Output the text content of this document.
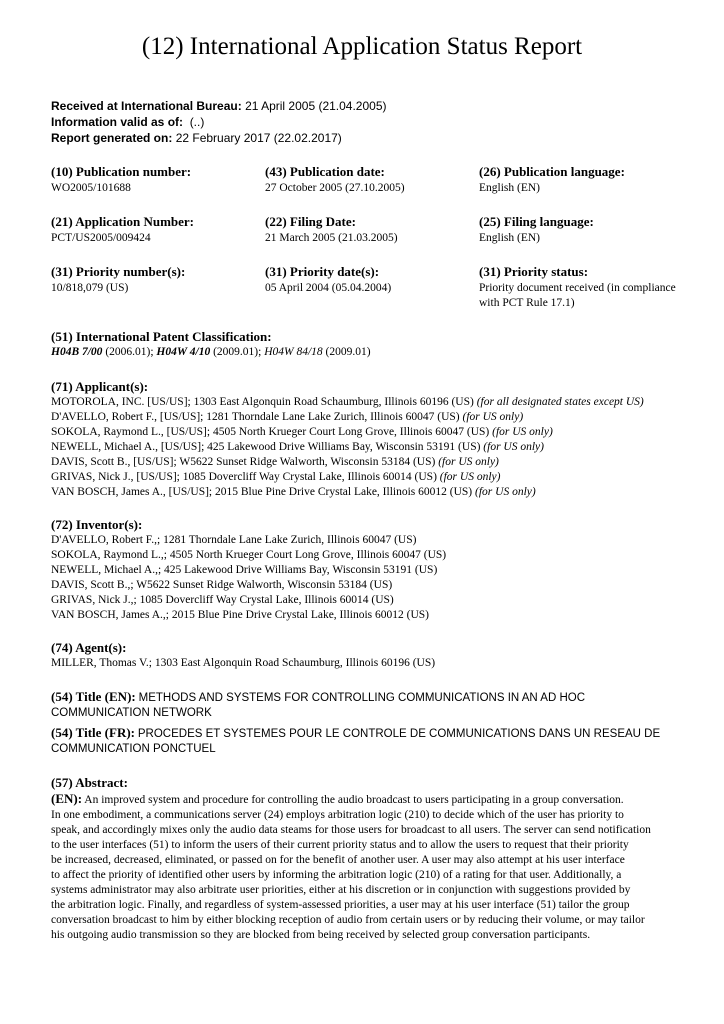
(12) International Application Status Report
Received at International Bureau: 21 April 2005 (21.04.2005)
Information valid as of: (..)
Report generated on: 22 February 2017 (22.02.2017)
(10) Publication number:
WO2005/101688
(43) Publication date:
27 October 2005 (27.10.2005)
(26) Publication language:
English (EN)
(21) Application Number:
PCT/US2005/009424
(22) Filing Date:
21 March 2005 (21.03.2005)
(25) Filing language:
English (EN)
(31) Priority number(s):
10/818,079 (US)
(31) Priority date(s):
05 April 2004 (05.04.2004)
(31) Priority status:
Priority document received (in compliance
with PCT Rule 17.1)
(51) International Patent Classification:
H04B 7/00 (2006.01); H04W 4/10 (2009.01); H04W 84/18 (2009.01)
(71) Applicant(s):
MOTOROLA, INC. [US/US]; 1303 East Algonquin Road Schaumburg, Illinois 60196 (US) (for all designated states except US)
D'AVELLO, Robert F., [US/US]; 1281 Thorndale Lane Lake Zurich, Illinois 60047 (US) (for US only)
SOKOLA, Raymond L., [US/US]; 4505 North Krueger Court Long Grove, Illinois 60047 (US) (for US only)
NEWELL, Michael A., [US/US]; 425 Lakewood Drive Williams Bay, Wisconsin 53191 (US) (for US only)
DAVIS, Scott B., [US/US]; W5622 Sunset Ridge Walworth, Wisconsin 53184 (US) (for US only)
GRIVAS, Nick J., [US/US]; 1085 Dovercliff Way Crystal Lake, Illinois 60014 (US) (for US only)
VAN BOSCH, James A., [US/US]; 2015 Blue Pine Drive Crystal Lake, Illinois 60012 (US) (for US only)
(72) Inventor(s):
D'AVELLO, Robert F.,; 1281 Thorndale Lane Lake Zurich, Illinois 60047 (US)
SOKOLA, Raymond L.,; 4505 North Krueger Court Long Grove, Illinois 60047 (US)
NEWELL, Michael A.,; 425 Lakewood Drive Williams Bay, Wisconsin 53191 (US)
DAVIS, Scott B.,; W5622 Sunset Ridge Walworth, Wisconsin 53184 (US)
GRIVAS, Nick J.,; 1085 Dovercliff Way Crystal Lake, Illinois 60014 (US)
VAN BOSCH, James A.,; 2015 Blue Pine Drive Crystal Lake, Illinois 60012 (US)
(74) Agent(s):
MILLER, Thomas V.; 1303 East Algonquin Road Schaumburg, Illinois 60196 (US)
(54) Title (EN): METHODS AND SYSTEMS FOR CONTROLLING COMMUNICATIONS IN AN AD HOC
COMMUNICATION NETWORK
(54) Title (FR): PROCEDES ET SYSTEMES POUR LE CONTROLE DE COMMUNICATIONS DANS UN RESEAU DE
COMMUNICATION PONCTUEL
(57) Abstract:
(EN): An improved system and procedure for controlling the audio broadcast to users participating in a group conversation.
In one embodiment, a communications server (24) employs arbitration logic (210) to decide which of the user has priority to
speak, and accordingly mixes only the audio data steams for those users for broadcast to all users. The server can send notification
to the user interfaces (51) to inform the users of their current priority status and to allow the users to request that their priority
be increased, decreased, eliminated, or passed on for the benefit of another user. A user may also attempt at his user interface
to affect the priority of identified other users by informing the arbitration logic (210) of a rating for that user. Additionally, a
systems administrator may also arbitrate user priorities, either at his discretion or in conjunction with suggestions provided by
the arbitration logic. Finally, and regardless of system-assessed priorities, a user may at his user interface (51) tailor the group
conversation broadcast to him by either blocking reception of audio from certain users or by reducing their volume, or may tailor
his outgoing audio transmission so they are blocked from being received by selected group conversation participants.
